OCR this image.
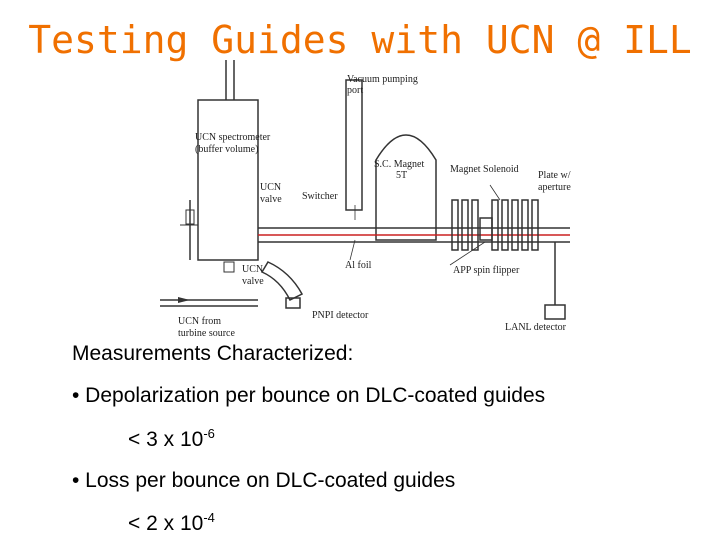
Testing Guides with UCN @ ILL
Vacuum pumping
port
UCN spectrometer
(buffer volume)
S.C. Magnet
5T
Magnet Solenoid
Plate w/
aperture
UCN
valve Switcher
Al foil	APP spin flipper
UCN
valve
PNPI detector
LANL detector
UCN from
turbine source
Measurements Characterized:
• Depolarization per bounce on DLC-coated guides
< 3 x $10^{-6}$
• Loss per bounce on DLC-coated guides
< 2 x $10^{-4}$
